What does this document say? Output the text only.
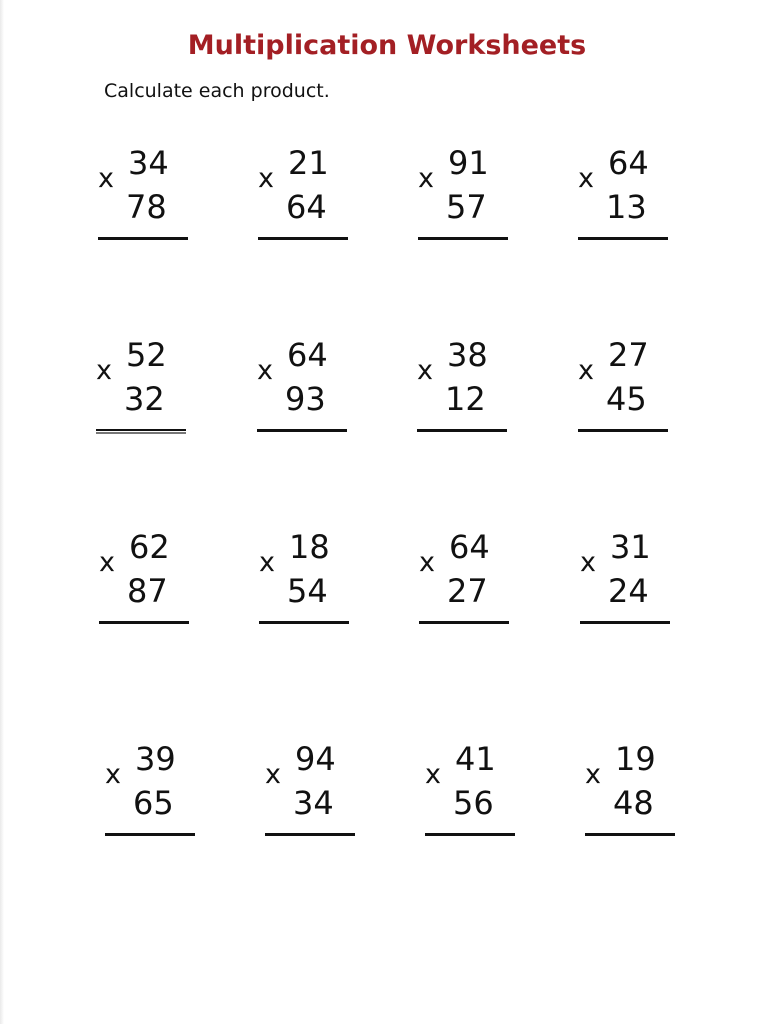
Multiplication Worksheets
Calculate each product.
x 34
78
x 21
64
x 91
57
x 64
13
x 52
32
x 64
93
x 38
12
x 27
45
x 62
87
x 18
54
x 64
27
x 31
24
x 39
65
x 94
34
x 41
56
x 19
48
